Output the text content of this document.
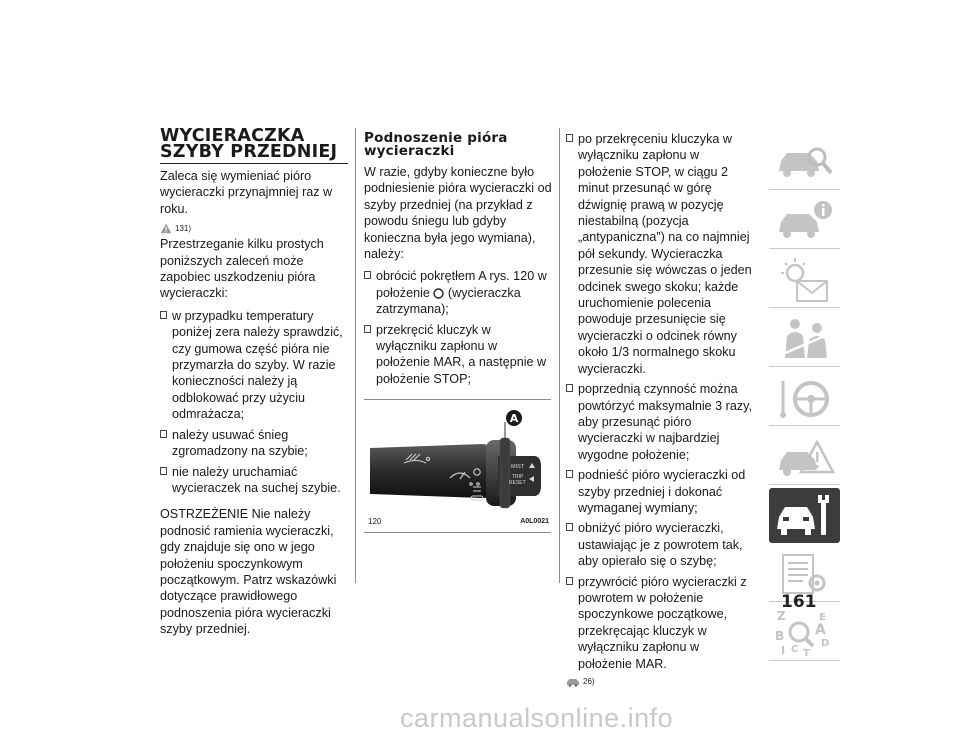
WYCIERACZKA
SZYBY PRZEDNIEJ

Zaleca się wymieniać pióro wycieraczki przynajmniej raz w roku.

131)

Przestrzeganie kilku prostych poniższych zaleceń może zapobiec uszkodzeniu pióra wycieraczki:

w przypadku temperatury poniżej zera należy sprawdzić, czy gumowa część pióra nie przymarzła do szyby. W razie konieczności należy ją odblokować przy użyciu odmrażacza;
należy usuwać śnieg zgromadzony na szybie;
nie należy uruchamiać wycieraczek na suchej szybie.

OSTRZEŻENIE Nie należy podnosić ramienia wycieraczki, gdy znajduje się ono w jego położeniu spoczynkowym początkowym. Patrz wskazówki dotyczące prawidłowego podnoszenia pióra wycieraczki szyby przedniej.

Podnoszenie pióra
wycieraczki

W razie, gdyby konieczne było podniesienie pióra wycieraczki od szyby przedniej (na przykład z powodu śniegu lub gdyby konieczna była jego wymiana), należy:

obrócić pokrętłem A rys. 120 w położenie (wycieraczka zatrzymana);
przekręcić kluczyk w wyłączniku zapłonu w położenie MAR, a następnie w położenie STOP;
A
MIST
TRIP
RESET
120	A0L0021
po przekręceniu kluczyka w wyłączniku zapłonu w położenie STOP, w ciągu 2 minut przesunąć w górę dźwignię prawą w pozycję niestabilną (pozycja „antypaniczna”) na co najmniej pół sekundy. Wycieraczka przesunie się wówczas o jeden odcinek swego skoku; każde uruchomienie polecenia powoduje przesunięcie się wycieraczki o odcinek równy około 1/3 normalnego skoku wycieraczki.
poprzednią czynność można powtórzyć maksymalnie 3 razy, aby przesunąć pióro wycieraczki w najbardziej wygodne położenie;
podnieść pióro wycieraczki od szyby przedniej i dokonać wymaganej wymiany;
obniżyć pióro wycieraczki, ustawiając je z powrotem tak, aby opierało się o szybę;
przywrócić pióro wycieraczki z powrotem w położenie spoczynkowe początkowe, przekręcając kluczyk w wyłączniku zapłonu w położenie MAR.
26)
Z	E
A
B
D
I C T
161
carmanualsonline.info
